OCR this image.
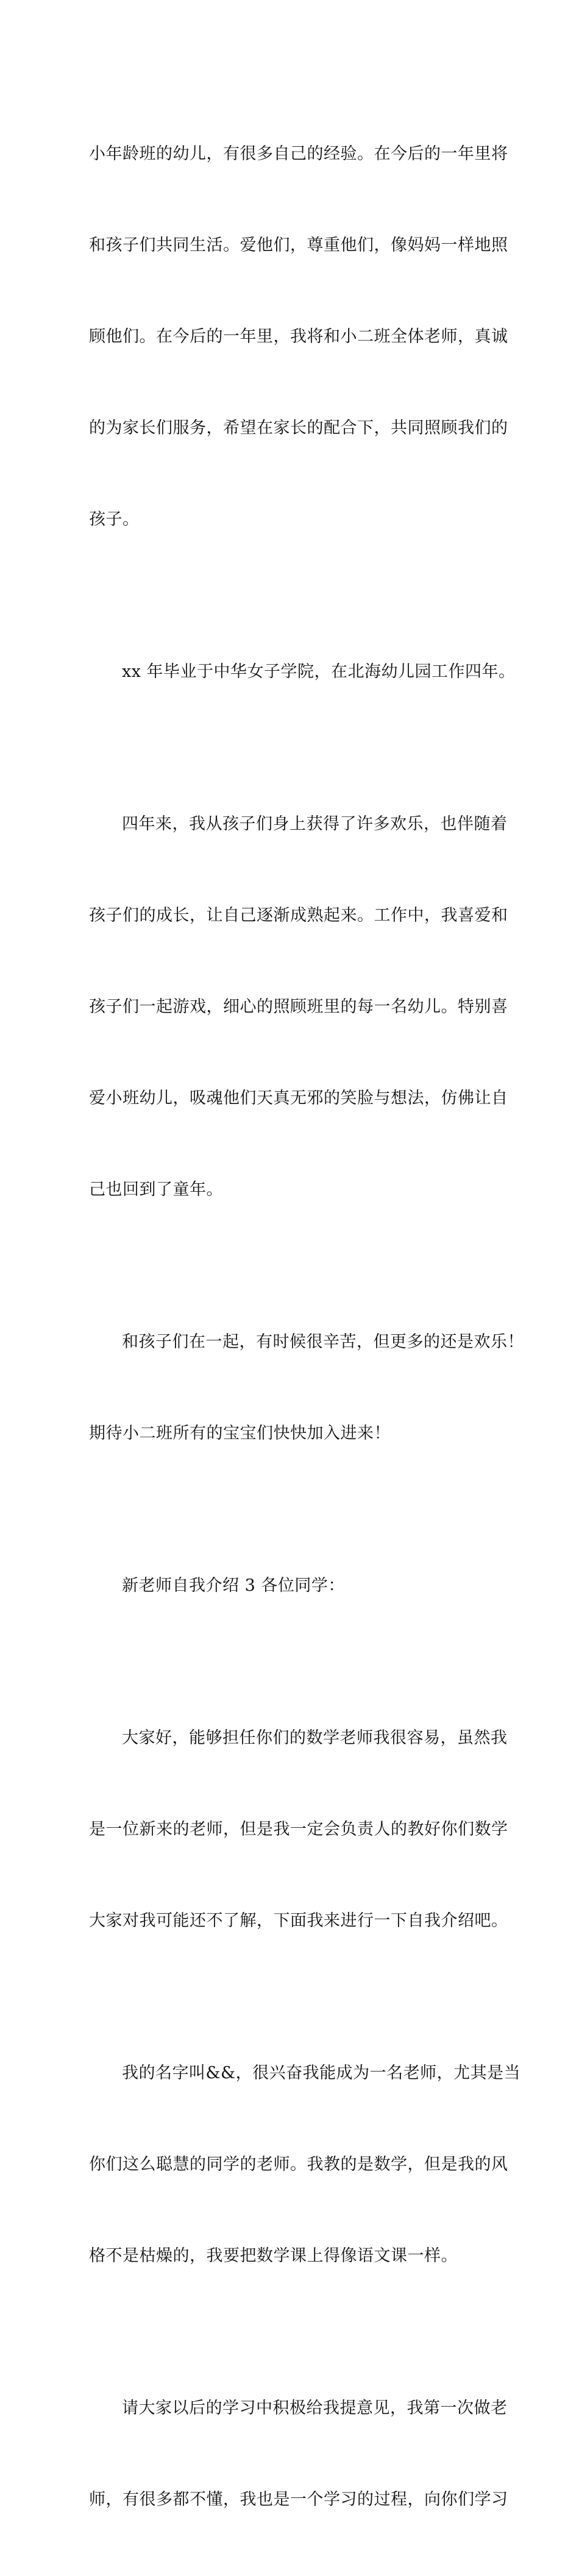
小年龄班的幼儿，有很多自己的经验。在今后的一年里将

和孩子们共同生活。爱他们，尊重他们，像妈妈一样地照

顾他们。在今后的一年里，我将和小二班全体老师，真诚

的为家长们服务，希望在家长的配合下，共同照顾我们的

孩子。

xx 年毕业于中华女子学院，在北海幼儿园工作四年。

四年来，我从孩子们身上获得了许多欢乐，也伴随着

孩子们的成长，让自己逐渐成熟起来。工作中，我喜爱和

孩子们一起游戏，细心的照顾班里的每一名幼儿。特别喜

爱小班幼儿，吸魂他们天真无邪的笑脸与想法，仿佛让自

己也回到了童年。

和孩子们在一起，有时候很辛苦，但更多的还是欢乐！

期待小二班所有的宝宝们快快加入进来！

新老师自我介绍 3 各位同学：

大家好，能够担任你们的数学老师我很容易，虽然我

是一位新来的老师，但是我一定会负责人的教好你们数学

大家对我可能还不了解，下面我来进行一下自我介绍吧。

我的名字叫&&，很兴奋我能成为一名老师，尤其是当

你们这么聪慧的同学的老师。我教的是数学，但是我的风

格不是枯燥的，我要把数学课上得像语文课一样。

请大家以后的学习中积极给我提意见，我第一次做老

师，有很多都不懂，我也是一个学习的过程，向你们学习
